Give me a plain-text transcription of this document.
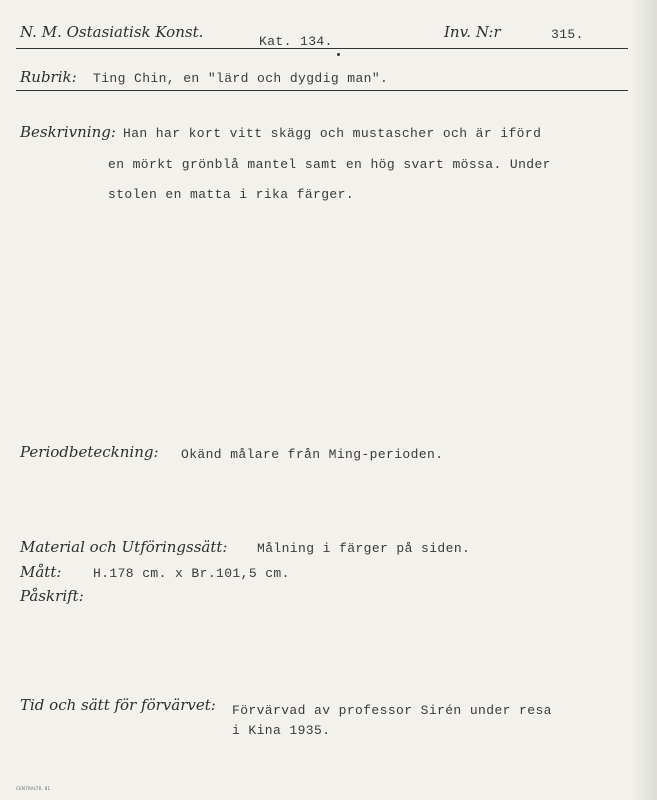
N. M. Ostasiatisk Konst.
Kat. 134.
Inv. N:r	315.
Rubrik: Ting Chin, en "lärd och dygdig man".
Beskrivning: Han har kort vitt skägg och mustascher och är iförd
en mörkt grönblå mantel samt en hög svart mössa. Under
stolen en matta i rika färger.
Periodbeteckning: Okänd målare från Ming-perioden.
Material och Utföringssätt: Målning i färger på siden.
Mått: H.178 cm. x Br.101,5 cm.
Påskrift:
Tid och sätt för förvärvet: Förvärvad av professor Sirén under resa
i Kina 1935.
CENTRALTR. 81
